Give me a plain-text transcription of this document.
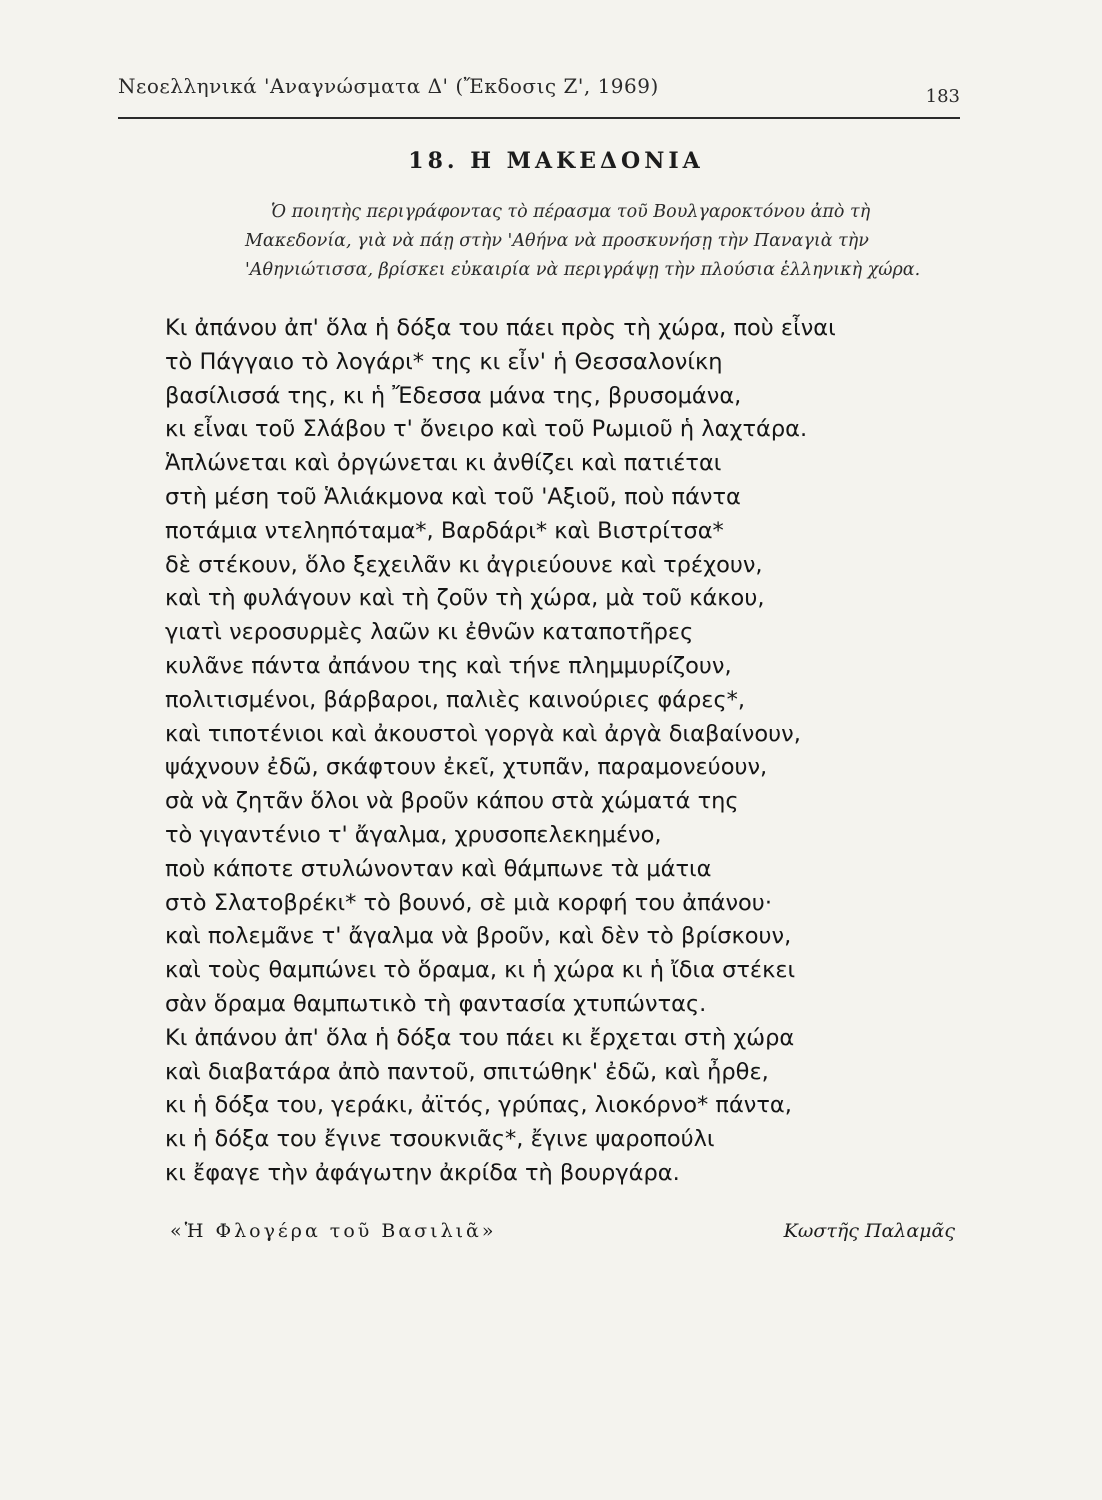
Νεοελληνικά 'Αναγνώσματα Δ' (Ἔκδοσις Ζ', 1969)	183
18. Η ΜΑΚΕΔΟΝΙΑ
Ὁ ποιητὴς περιγράφοντας τὸ πέρασμα τοῦ Βουλγαροκτόνου ἀπὸ τὴ
Μακεδονία, γιὰ νὰ πάῃ στὴν 'Αθήνα νὰ προσκυνήσῃ τὴν Παναγιὰ τὴν
'Αθηνιώτισσα, βρίσκει εὐκαιρία νὰ περιγράψῃ τὴν πλούσια ἑλληνικὴ χώρα.
Κι ἀπάνου ἀπ' ὅλα ἡ δόξα του πάει πρὸς τὴ χώρα, ποὺ εἶναι
τὸ Πάγγαιο τὸ λογάρι* της κι εἶν' ἡ Θεσσαλονίκη
βασίλισσά της, κι ἡ Ἔδεσσα μάνα της, βρυσομάνα,
κι εἶναι τοῦ Σλάβου τ' ὄνειρο καὶ τοῦ Ρωμιοῦ ἡ λαχτάρα.
Ἁπλώνεται καὶ ὀργώνεται κι ἀνθίζει καὶ πατιέται
στὴ μέση τοῦ Ἁλιάκμονα καὶ τοῦ 'Αξιοῦ, ποὺ πάντα
ποτάμια ντεληπόταμα*, Βαρδάρι* καὶ Βιστρίτσα*
δὲ στέκουν, ὅλο ξεχειλᾶν κι ἀγριεύουνε καὶ τρέχουν,
καὶ τὴ φυλάγουν καὶ τὴ ζοῦν τὴ χώρα, μὰ τοῦ κάκου,
γιατὶ νεροσυρμὲς λαῶν κι ἐθνῶν καταποτῆρες
κυλᾶνε πάντα ἀπάνου της καὶ τήνε πλημμυρίζουν,
πολιτισμένοι, βάρβαροι, παλιὲς καινούριες φάρες*,
καὶ τιποτένιοι καὶ ἀκουστοὶ γοργὰ καὶ ἀργὰ διαβαίνουν,
ψάχνουν ἐδῶ, σκάφτουν ἐκεῖ, χτυπᾶν, παραμονεύουν,
σὰ νὰ ζητᾶν ὅλοι νὰ βροῦν κάπου στὰ χώματά της
τὸ γιγαντένιο τ' ἄγαλμα, χρυσοπελεκημένο,
ποὺ κάποτε στυλώνονταν καὶ θάμπωνε τὰ μάτια
στὸ Σλατοβρέκι* τὸ βουνό, σὲ μιὰ κορφή του ἀπάνου·
καὶ πολεμᾶνε τ' ἄγαλμα νὰ βροῦν, καὶ δὲν τὸ βρίσκουν,
καὶ τοὺς θαμπώνει τὸ ὅραμα, κι ἡ χώρα κι ἡ ἴδια στέκει
σὰν ὅραμα θαμπωτικὸ τὴ φαντασία χτυπώντας.
Κι ἀπάνου ἀπ' ὅλα ἡ δόξα του πάει κι ἔρχεται στὴ χώρα
καὶ διαβατάρα ἀπὸ παντοῦ, σπιτώθηκ' ἐδῶ, καὶ ἦρθε,
κι ἡ δόξα του, γεράκι, ἀϊτός, γρύπας, λιοκόρνο* πάντα,
κι ἡ δόξα του ἔγινε τσουκνιᾶς*, ἔγινε ψαροπούλι
κι ἔφαγε τὴν ἀφάγωτην ἀκρίδα τὴ βουργάρα.
«Ἡ Φλογέρα τοῦ Βασιλιᾶ»	Κωστῆς Παλαμᾶς
